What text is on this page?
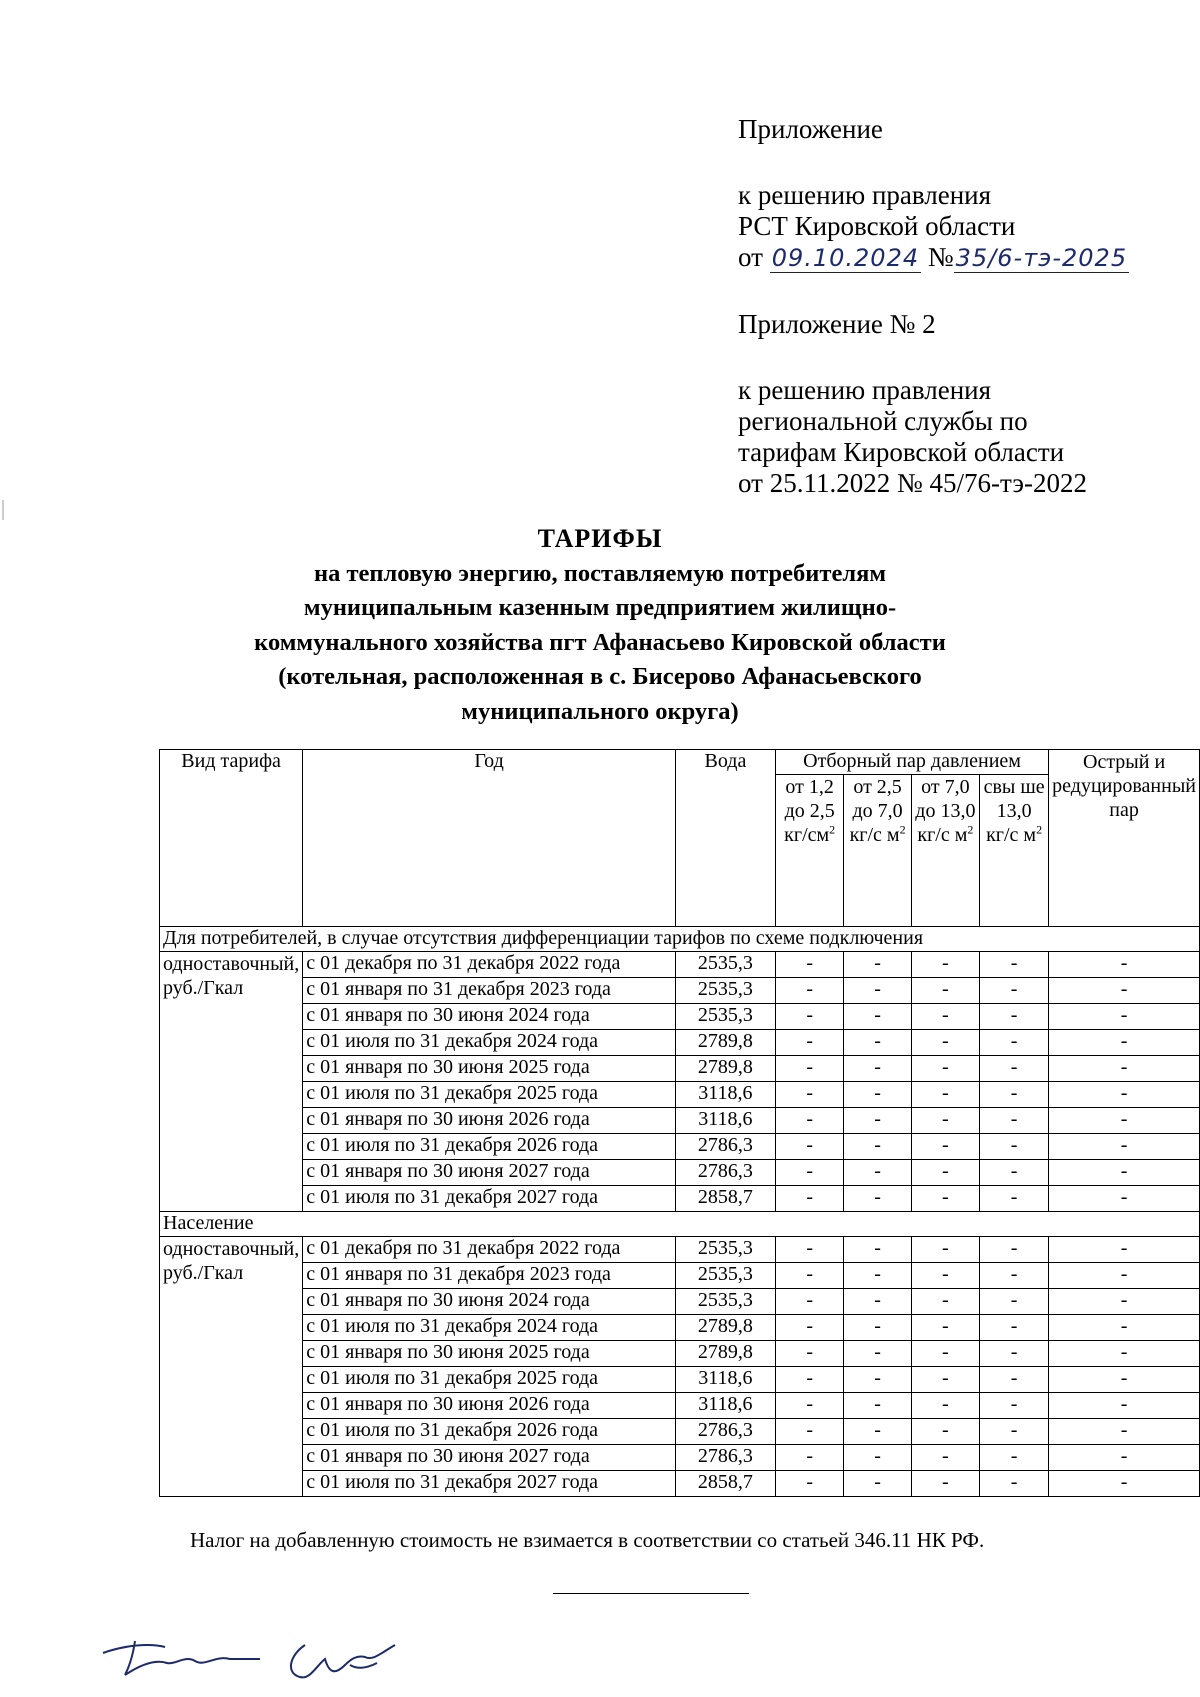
Приложение
к решению правления
РСТ Кировской области
от 09.10.2024 №35/6-тэ-2025
Приложение № 2
к решению правления
региональной службы по
тарифам Кировской области
от 25.11.2022 № 45/76-тэ-2022
ТАРИФЫ
на тепловую энергию, поставляемую потребителям
муниципальным казенным предприятием жилищно-
коммунального хозяйства пгт Афанасьево Кировской области
(котельная, расположенная в с. Бисерово Афанасьевского
муниципального округа)
Вид тарифа	Год	Вода	Отборный пар давлением				Острый и редуцированный пар
			от 1,2 до 2,5 $кг/см^2$	от 2,5 до 7,0 кг/с $м^2$	от 7,0 до 13,0 кг/с $м^2$	свы ше 13,0 кг/с $м^2$
Для потребителей, в случае отсутствия дифференциации тарифов по схеме подключения							
одноставочный, руб./Гкал	с 01 декабря по 31 декабря 2022 года	2535,3	-	-	-	-	-
	с 01 января по 31 декабря 2023 года	2535,3	-	-	-	-	-
	с 01 января по 30 июня 2024 года	2535,3	-	-	-	-	-
	с 01 июля по 31 декабря 2024 года	2789,8	-	-	-	-	-
	с 01 января по 30 июня 2025 года	2789,8	-	-	-	-	-
	с 01 июля по 31 декабря 2025 года	3118,6	-	-	-	-	-
	с 01 января по 30 июня 2026 года	3118,6	-	-	-	-	-
	с 01 июля по 31 декабря 2026 года	2786,3	-	-	-	-	-
	с 01 января по 30 июня 2027 года	2786,3	-	-	-	-	-
	с 01 июля по 31 декабря 2027 года	2858,7	-	-	-	-	-
Население							
одноставочный, руб./Гкал	с 01 декабря по 31 декабря 2022 года	2535,3	-	-	-	-	-
	с 01 января по 31 декабря 2023 года	2535,3	-	-	-	-	-
	с 01 января по 30 июня 2024 года	2535,3	-	-	-	-	-
	с 01 июля по 31 декабря 2024 года	2789,8	-	-	-	-	-
	с 01 января по 30 июня 2025 года	2789,8	-	-	-	-	-
	с 01 июля по 31 декабря 2025 года	3118,6	-	-	-	-	-
	с 01 января по 30 июня 2026 года	3118,6	-	-	-	-	-
	с 01 июля по 31 декабря 2026 года	2786,3	-	-	-	-	-
	с 01 января по 30 июня 2027 года	2786,3	-	-	-	-	-
	с 01 июля по 31 декабря 2027 года	2858,7	-	-	-	-	-
Налог на добавленную стоимость не взимается в соответствии со статьей 346.11 НК РФ.
